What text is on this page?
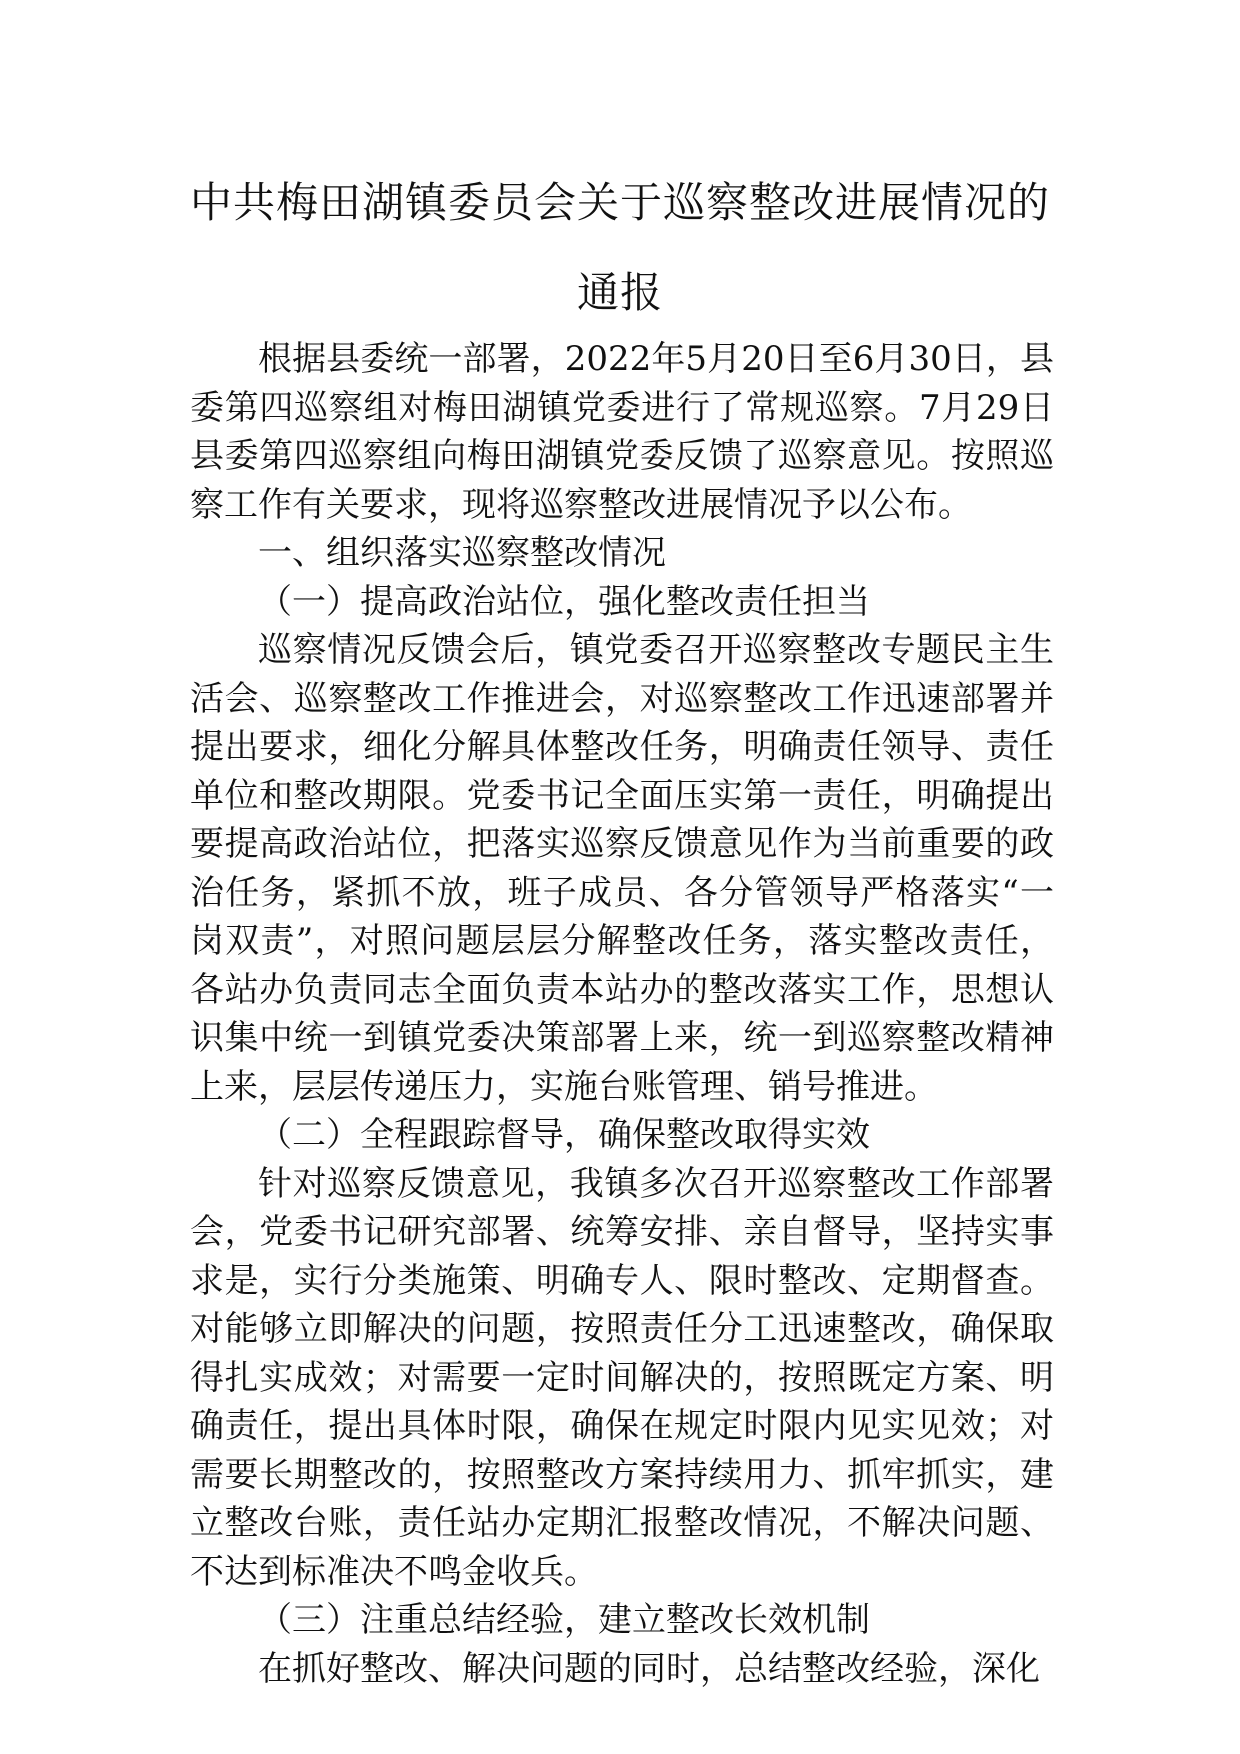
中共梅田湖镇委员会关于巡察整改进展情况的通报

根据县委统一部署，2022年5月20日至6月30日，县委第四巡察组对梅田湖镇党委进行了常规巡察。7月29日县委第四巡察组向梅田湖镇党委反馈了巡察意见。按照巡察工作有关要求，现将巡察整改进展情况予以公布。

一、组织落实巡察整改情况

（一）提高政治站位，强化整改责任担当

巡察情况反馈会后，镇党委召开巡察整改专题民主生活会、巡察整改工作推进会，对巡察整改工作迅速部署并提出要求，细化分解具体整改任务，明确责任领导、责任单位和整改期限。党委书记全面压实第一责任，明确提出要提高政治站位，把落实巡察反馈意见作为当前重要的政治任务，紧抓不放，班子成员、各分管领导严格落实“一岗双责”，对照问题层层分解整改任务，落实整改责任，各站办负责同志全面负责本站办的整改落实工作，思想认识集中统一到镇党委决策部署上来，统一到巡察整改精神上来，层层传递压力，实施台账管理、销号推进。

（二）全程跟踪督导，确保整改取得实效

针对巡察反馈意见，我镇多次召开巡察整改工作部署会，党委书记研究部署、统筹安排、亲自督导，坚持实事求是，实行分类施策、明确专人、限时整改、定期督查。对能够立即解决的问题，按照责任分工迅速整改，确保取得扎实成效；对需要一定时间解决的，按照既定方案、明确责任，提出具体时限，确保在规定时限内见实见效；对需要长期整改的，按照整改方案持续用力、抓牢抓实，建立整改台账，责任站办定期汇报整改情况，不解决问题、不达到标准决不鸣金收兵。

（三）注重总结经验，建立整改长效机制

在抓好整改、解决问题的同时，总结整改经验，深化
